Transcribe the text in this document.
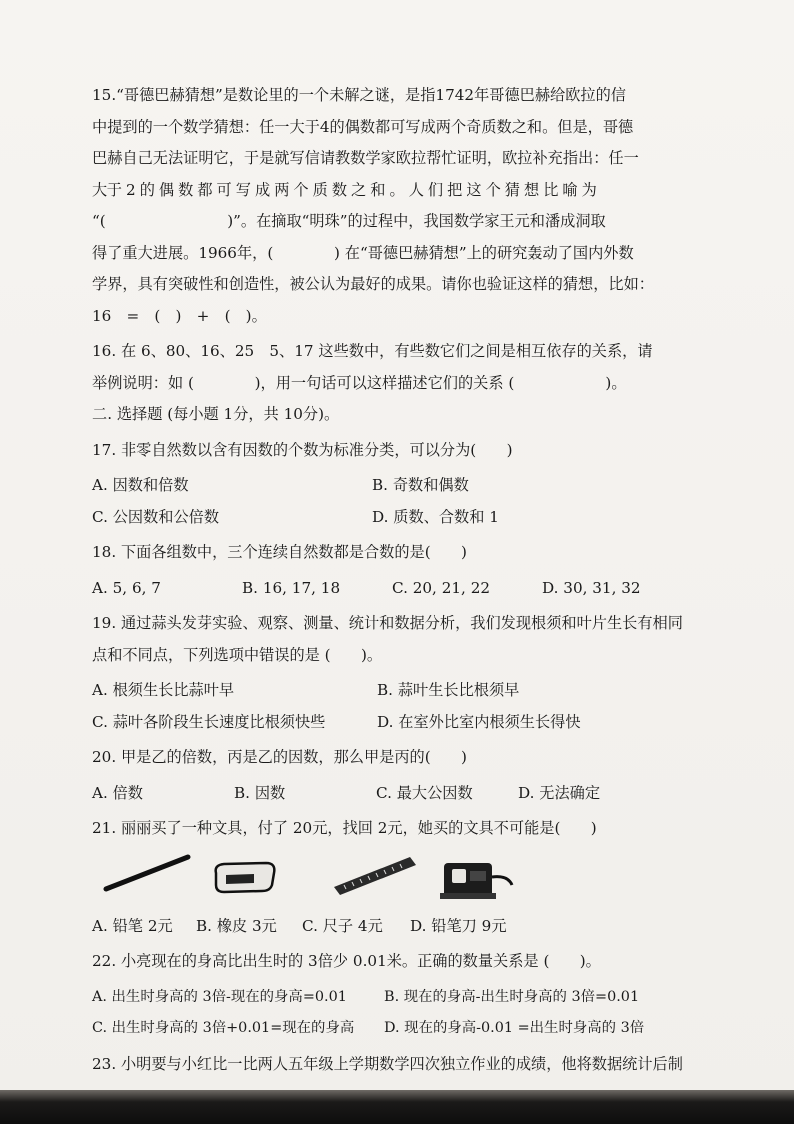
15.“哥德巴赫猜想”是数论里的一个未解之谜，是指1742年哥德巴赫给欧拉的信

中提到的一个数学猜想：任一大于4的偶数都可写成两个奇质数之和。但是，哥德

巴赫自己无法证明它，于是就写信请教数学家欧拉帮忙证明，欧拉补充指出：任一

大于 2 的 偶 数 都 可 写 成 两 个 质 数 之 和 。 人 们 把 这 个 猜 想 比 喻 为

“(　　　　　　　　)”。在摘取“明珠”的过程中，我国数学家王元和潘成洞取

得了重大进展。1966年，(　　　　) 在“哥德巴赫猜想”上的研究轰动了国内外数

学界，具有突破性和创造性，被公认为最好的成果。请你也验证这样的猜想，比如：

16　=　(　)　+　(　)。

16. 在 6、80、16、25　5、17 这些数中，有些数它们之间是相互依存的关系，请

举例说明：如 (　　　　)，用一句话可以这样描述它们的关系 (　　　　　　)。

二. 选择题 (每小题 1分，共 10分)。

17. 非零自然数以含有因数的个数为标准分类，可以分为(　　)

A. 因数和倍数	B. 奇数和偶数
C. 公因数和公倍数	D. 质数、合数和 1

18. 下面各组数中，三个连续自然数都是合数的是(　　)

A. 5, 6, 7	B. 16, 17, 18	C. 20, 21, 22	D. 30, 31, 32

19. 通过蒜头发芽实验、观察、测量、统计和数据分析，我们发现根须和叶片生长有相同

点和不同点，下列选项中错误的是 (　　)。

A. 根须生长比蒜叶早	B. 蒜叶生长比根须早
C. 蒜叶各阶段生长速度比根须快些	D. 在室外比室内根须生长得快

20. 甲是乙的倍数，丙是乙的因数，那么甲是丙的(　　)

A. 倍数	B. 因数	C. 最大公因数	D. 无法确定

21. 丽丽买了一种文具，付了 20元，找回 2元，她买的文具不可能是(　　)

A. 铅笔 2元	B. 橡皮 3元	C. 尺子 4元	D. 铅笔刀 9元

22. 小亮现在的身高比出生时的 3倍少 0.01米。正确的数量关系是 (　　)。

A. 出生时身高的 3倍-现在的身高=0.01	B. 现在的身高-出生时身高的 3倍=0.01
C. 出生时身高的 3倍+0.01=现在的身高	D. 现在的身高-0.01 =出生时身高的 3倍

23. 小明要与小红比一比两人五年级上学期数学四次独立作业的成绩，他将数据统计后制
